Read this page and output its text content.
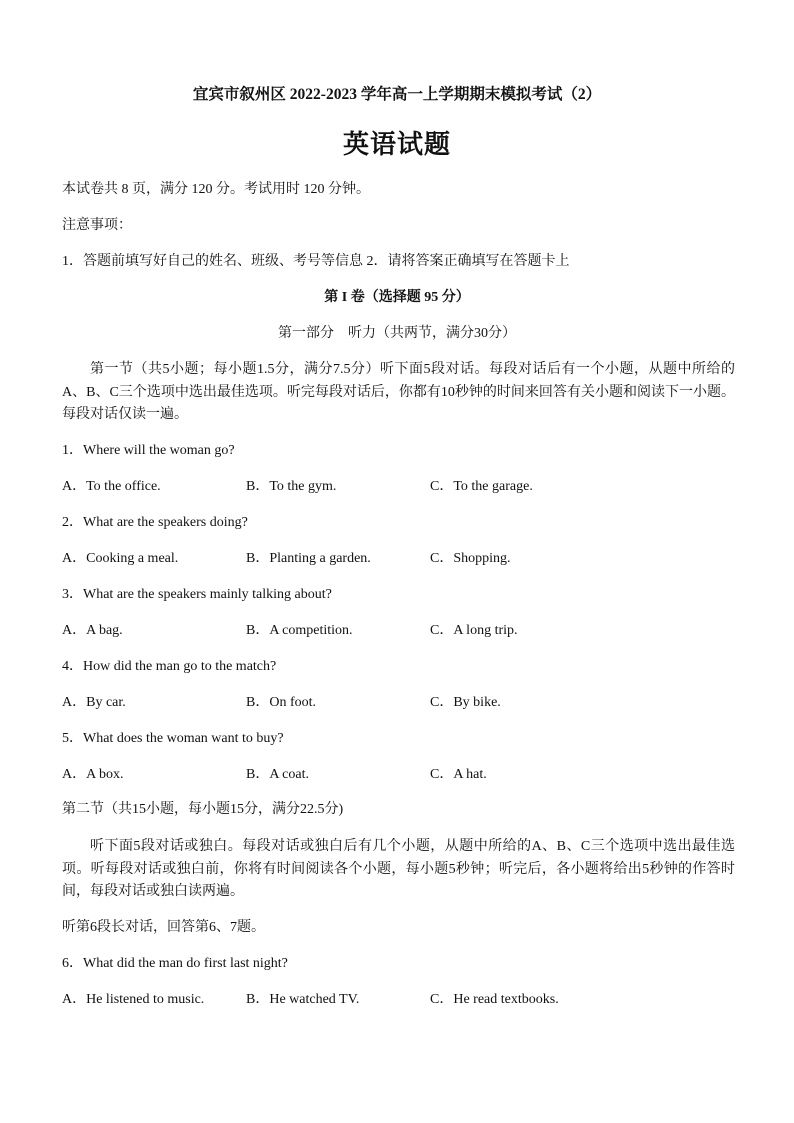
宜宾市叙州区 2022-2023 学年高一上学期期末模拟考试（2）
英语试题
本试卷共 8 页，满分 120 分。考试用时 120 分钟。
注意事项：
1．答题前填写好自己的姓名、班级、考号等信息 2．请将答案正确填写在答题卡上
第 I 卷（选择题 95 分）
第一部分　听力（共两节，满分30分）
第一节（共5小题；每小题1.5分，满分7.5分）听下面5段对话。每段对话后有一个小题，从题中所给的A、B、C三个选项中选出最佳选项。听完每段对话后，你都有10秒钟的时间来回答有关小题和阅读下一小题。每段对话仅读一遍。
1．Where will the woman go?
A．To the office.	B．To the gym.	C．To the garage.
2．What are the speakers doing?
A．Cooking a meal.	B．Planting a garden.	C．Shopping.
3．What are the speakers mainly talking about?
A．A bag.	B．A competition.	C．A long trip.
4．How did the man go to the match?
A．By car.	B．On foot.	C．By bike.
5．What does the woman want to buy?
A．A box.	B．A coat.	C．A hat.
第二节（共15小题，每小题15分，满分22.5分)
听下面5段对话或独白。每段对话或独白后有几个小题，从题中所给的A、B、C三个选项中选出最佳选项。听每段对话或独白前，你将有时间阅读各个小题，每小题5秒钟；听完后，各小题将给出5秒钟的作答时间，每段对话或独白读两遍。
听第6段长对话，回答第6、7题。
6．What did the man do first last night?
A．He listened to music.	B．He watched TV.	C．He read textbooks.
